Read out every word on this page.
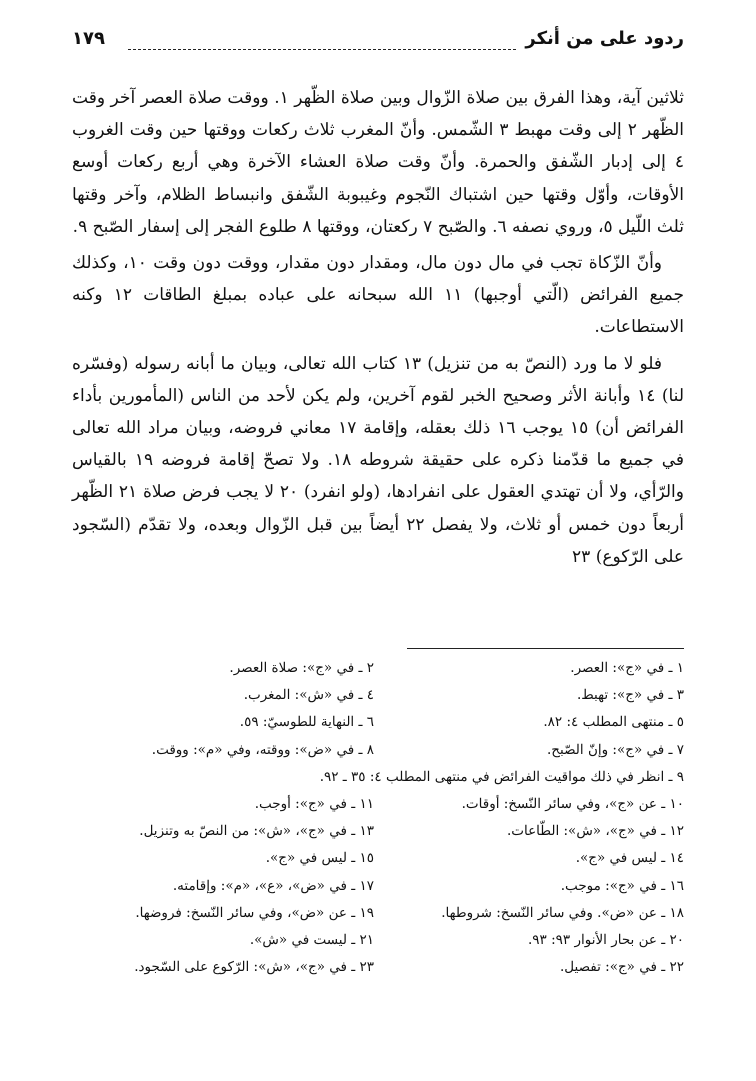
ردود علی من أنكر
١٧٩

ثلاثين آية، وهذا الفرق بين صلاة الزّوال وبين صلاة الظّهر ١. ووقت صلاة العصر آخر وقت الظّهر ٢ إلى وقت مهبط ٣ الشّمس. وأنّ المغرب ثلاث ركعات ووقتها حين وقت الغروب ٤ إلى إدبار الشّفق والحمرة. وأنّ وقت صلاة العشاء الآخرة وهي أربع ركعات أوسع الأوقات، وأوّل وقتها حين اشتباك النّجوم وغيبوبة الشّفق وانبساط الظلام، وآخر وقتها ثلث اللّيل ٥، وروي نصفه ٦. والصّبح ٧ ركعتان، ووقتها ٨ طلوع الفجر إلى إسفار الصّبح ٩.

وأنّ الزّكاة تجب في مال دون مال، ومقدار دون مقدار، ووقت دون وقت ١٠، وكذلك جميع الفرائض (الّتي أوجبها) ١١ الله سبحانه على عباده بمبلغ الطاقات ١٢ وكنه الاستطاعات.

فلو لا ما ورد (النصّ به من تنزيل) ١٣ كتاب الله تعالى، وبيان ما أبانه رسوله (وفسّره لنا) ١٤ وأبانة الأثر وصحيح الخبر لقوم آخرين، ولم يكن لأحد من الناس (المأمورين بأداء الفرائض أن) ١٥ يوجب ١٦ ذلك بعقله، وإقامة ١٧ معاني فروضه، وبيان مراد الله تعالى في جميع ما قدّمنا ذكره على حقيقة شروطه ١٨. ولا تصحّ إقامة فروضه ١٩ بالقياس والرّأي، ولا أن تهتدي العقول على انفرادها، (ولو انفرد) ٢٠ لا يجب فرض صلاة ٢١ الظّهر أربعاً دون خمس أو ثلاث، ولا يفصل ٢٢ أيضاً بين قبل الزّوال وبعده، ولا تقدّم (السّجود على الرّكوع) ٢٣

١ ـ في «ج»: العصر.
٢ ـ في «ج»: صلاة العصر.
٣ ـ في «ج»: تهبط.
٤ ـ في «ش»: المغرب.
٥ ـ منتهى المطلب ٤: ٨٢.
٦ ـ النهاية للطوسيّ: ٥٩.
٧ ـ في «ج»: وإنّ الصّبح.
٨ ـ في «ض»: ووقته، وفي «م»: ووقت.
٩ ـ انظر في ذلك مواقيت الفرائض في منتهى المطلب ٤: ٣٥ ـ ٩٢.
١٠ ـ عن «ج»، وفي سائر النّسخ: أوقات.
١١ ـ في «ج»: أوجب.
١٢ ـ في «ج»، «ش»: الطّاعات.
١٣ ـ في «ج»، «ش»: من النصّ به وتنزيل.
١٤ ـ ليس في «ج».
١٥ ـ ليس في «ج».
١٦ ـ في «ج»: موجب.
١٧ ـ في «ض»، «ع»، «م»: وإقامته.
١٨ ـ عن «ض». وفي سائر النّسخ: شروطها.
١٩ ـ عن «ض»، وفي سائر النّسخ: فروضها.
٢٠ ـ عن بحار الأنوار ٩٣: ٩٣.
٢١ ـ ليست في «ش».
٢٢ ـ في «ج»: تفصيل.
٢٣ ـ في «ج»، «ش»: الرّكوع على السّجود.
